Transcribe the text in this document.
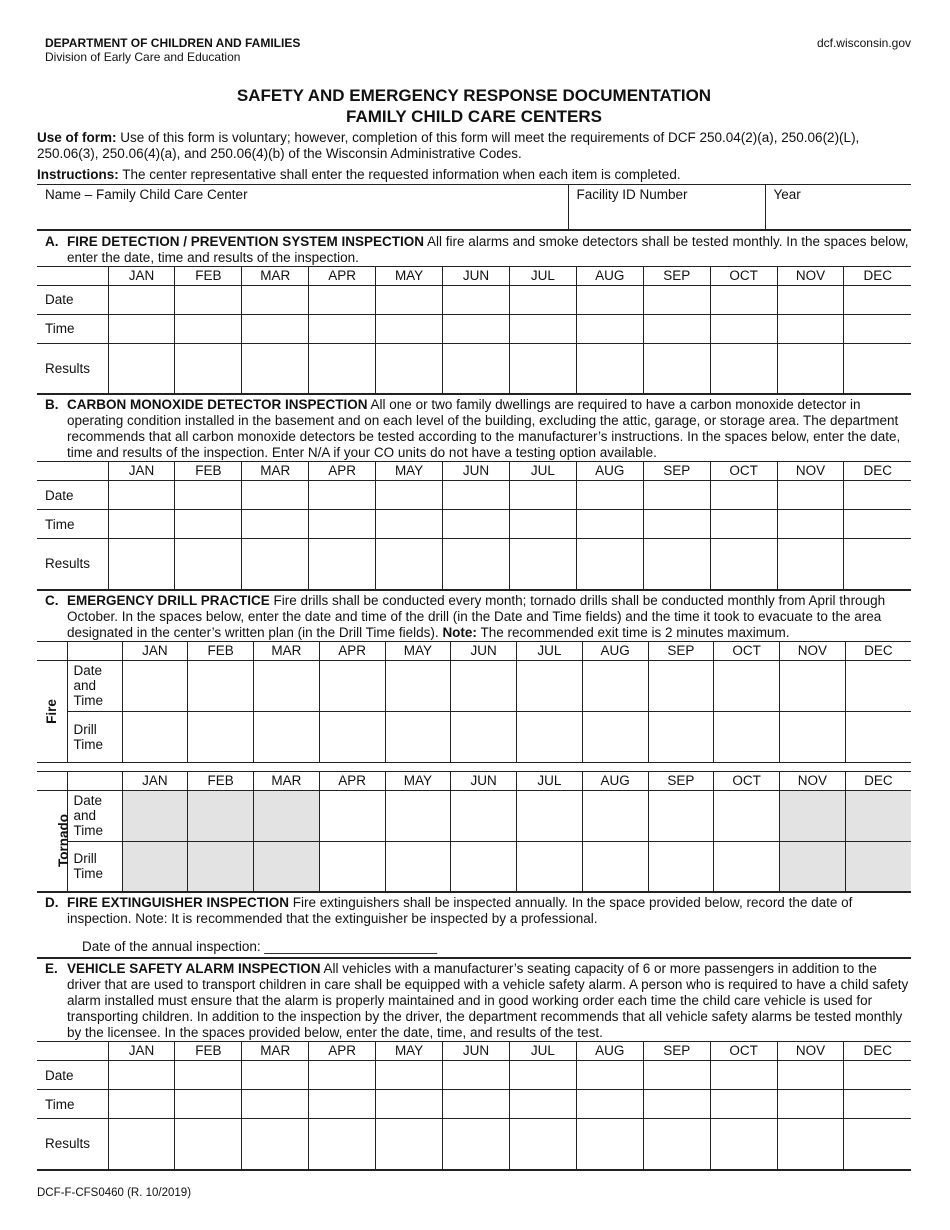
DEPARTMENT OF CHILDREN AND FAMILIES
Division of Early Care and Education
dcf.wisconsin.gov
SAFETY AND EMERGENCY RESPONSE DOCUMENTATION
FAMILY CHILD CARE CENTERS
Use of form: Use of this form is voluntary; however, completion of this form will meet the requirements of DCF 250.04(2)(a), 250.06(2)(L), 250.06(3), 250.06(4)(a), and 250.06(4)(b) of the Wisconsin Administrative Codes.
Instructions: The center representative shall enter the requested information when each item is completed.
Name – Family Child Care Center	Facility ID Number	Year
A. FIRE DETECTION / PREVENTION SYSTEM INSPECTION All fire alarms and smoke detectors shall be tested monthly. In the spaces below, enter the date, time and results of the inspection.
	JAN	FEB	MAR	APR	MAY	JUN	JUL	AUG	SEP	OCT	NOV	DEC
Date												
Time												
Results												
B. CARBON MONOXIDE DETECTOR INSPECTION All one or two family dwellings are required to have a carbon monoxide detector in operating condition installed in the basement and on each level of the building, excluding the attic, garage, or storage area. The department recommends that all carbon monoxide detectors be tested according to the manufacturer’s instructions. In the spaces below, enter the date, time and results of the inspection. Enter N/A if your CO units do not have a testing option available.
	JAN	FEB	MAR	APR	MAY	JUN	JUL	AUG	SEP	OCT	NOV	DEC
Date												
Time												
Results												
C. EMERGENCY DRILL PRACTICE Fire drills shall be conducted every month; tornado drills shall be conducted monthly from April through October. In the spaces below, enter the date and time of the drill (in the Date and Time fields) and the time it took to evacuate to the area designated in the center’s written plan (in the Drill Time fields). Note: The recommended exit time is 2 minutes maximum.
		JAN	FEB	MAR	APR	MAY	JUN	JUL	AUG	SEP	OCT	NOV	DEC
Fire	Date and Time												
	Drill Time												
		JAN	FEB	MAR	APR	MAY	JUN	JUL	AUG	SEP	OCT	NOV	DEC
Tornado	Date and Time												
	Drill Time												
D. FIRE EXTINGUISHER INSPECTION Fire extinguishers shall be inspected annually. In the space provided below, record the date of inspection. Note: It is recommended that the extinguisher be inspected by a professional.
Date of the annual inspection: _______________________
E. VEHICLE SAFETY ALARM INSPECTION All vehicles with a manufacturer’s seating capacity of 6 or more passengers in addition to the driver that are used to transport children in care shall be equipped with a vehicle safety alarm. A person who is required to have a child safety alarm installed must ensure that the alarm is properly maintained and in good working order each time the child care vehicle is used for transporting children. In addition to the inspection by the driver, the department recommends that all vehicle safety alarms be tested monthly by the licensee. In the spaces provided below, enter the date, time, and results of the test.
	JAN	FEB	MAR	APR	MAY	JUN	JUL	AUG	SEP	OCT	NOV	DEC
Date												
Time												
Results												
DCF-F-CFS0460 (R. 10/2019)
